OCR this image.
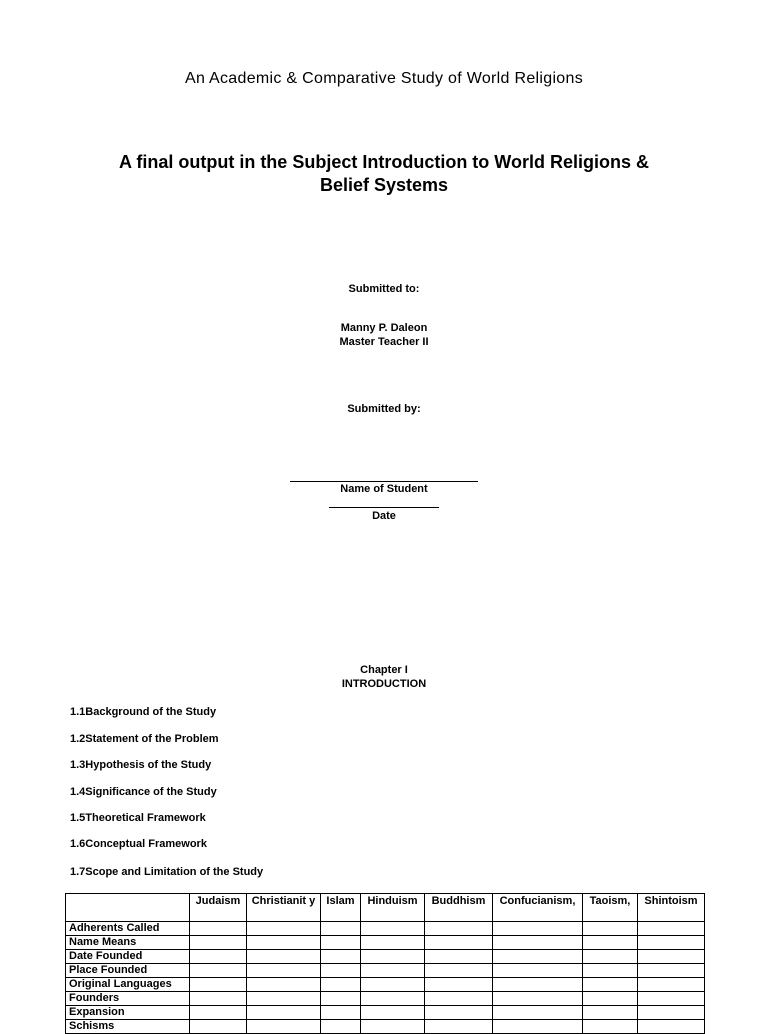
An Academic & Comparative Study of World Religions
A final output in the Subject Introduction to World Religions &
Belief Systems
Submitted to:
Manny P. Daleon
Master Teacher II
Submitted by:
Name of Student
Date
Chapter I
INTRODUCTION
1.1Background of the Study
1.2Statement of the Problem
1.3Hypothesis of the Study
1.4Significance of the Study
1.5Theoretical Framework
1.6Conceptual Framework
1.7Scope and Limitation of the Study
	Judaism	Christianit y	Islam	Hinduism	Buddhism	Confucianism,	Taoism,	Shintoism
Adherents Called								
Name Means								
Date Founded								
Place Founded								
Original Languages								
Founders								
Expansion								
Schisms								
